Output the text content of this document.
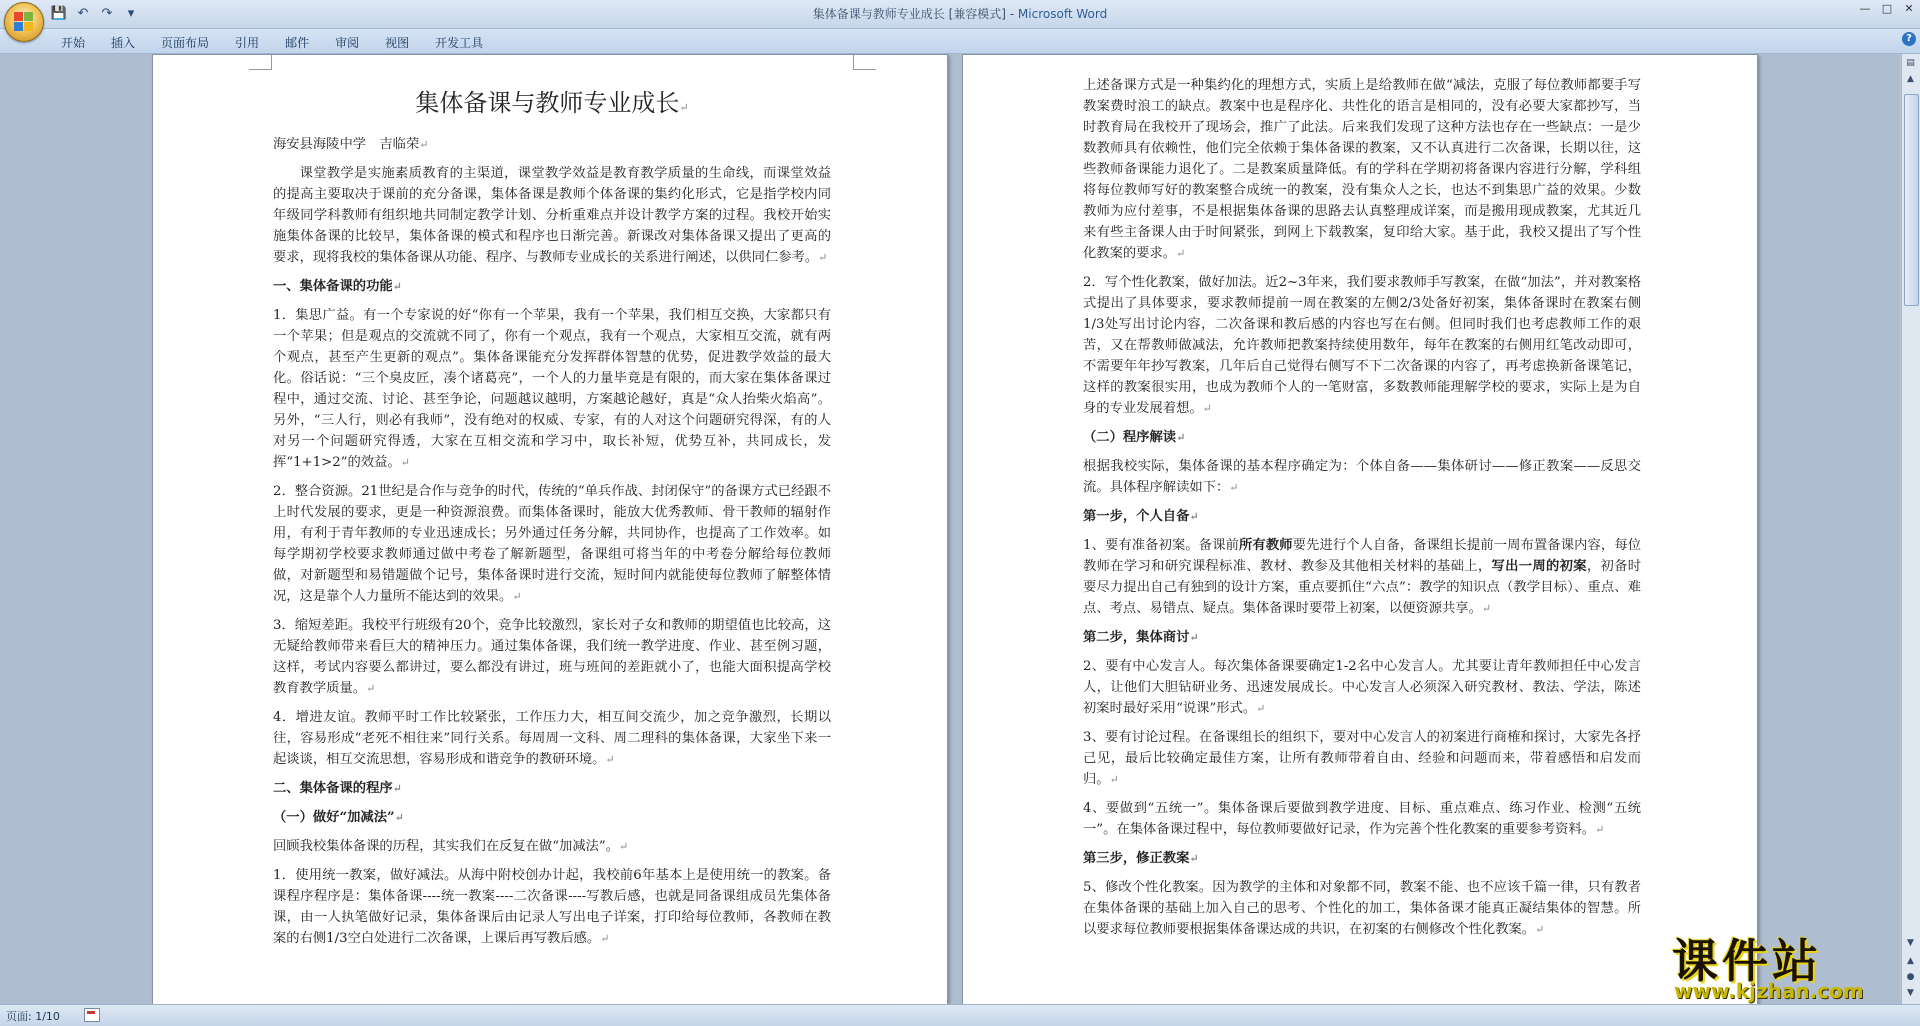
💾 ↶ ↷	▾	集体备课与教师专业成长 [兼容模式] - Microsoft Word	—	□	✕
开始	插入	页面布局	引用	邮件	审阅	视图	开发工具	?
集体备课与教师专业成长↵

海安县海陵中学　吉临荣↵

课堂教学是实施素质教育的主渠道，课堂教学效益是教育教学质量的生命线，而课堂效益的提高主要取决于课前的充分备课，集体备课是教师个体备课的集约化形式，它是指学校内同年级同学科教师有组织地共同制定教学计划、分析重难点并设计教学方案的过程。我校开始实施集体备课的比较早，集体备课的模式和程序也日渐完善。新课改对集体备课又提出了更高的要求，现将我校的集体备课从功能、程序、与教师专业成长的关系进行阐述，以供同仁参考。↵

一、集体备课的功能↵

1．集思广益。有一个专家说的好“你有一个苹果，我有一个苹果，我们相互交换，大家都只有一个苹果；但是观点的交流就不同了，你有一个观点，我有一个观点，大家相互交流，就有两个观点，甚至产生更新的观点”。集体备课能充分发挥群体智慧的优势，促进教学效益的最大化。俗话说：“三个臭皮匠，凑个诸葛亮”，一个人的力量毕竟是有限的，而大家在集体备课过程中，通过交流、讨论、甚至争论，问题越议越明，方案越论越好，真是“众人抬柴火焰高”。另外，“三人行，则必有我师”，没有绝对的权威、专家，有的人对这个问题研究得深，有的人对另一个问题研究得透，大家在互相交流和学习中，取长补短，优势互补，共同成长，发挥“1+1>2”的效益。↵

2．整合资源。21世纪是合作与竞争的时代，传统的“单兵作战、封闭保守”的备课方式已经跟不上时代发展的要求，更是一种资源浪费。而集体备课时，能放大优秀教师、骨干教师的辐射作用，有利于青年教师的专业迅速成长；另外通过任务分解，共同协作，也提高了工作效率。如每学期初学校要求教师通过做中考卷了解新题型，备课组可将当年的中考卷分解给每位教师做，对新题型和易错题做个记号，集体备课时进行交流，短时间内就能使每位教师了解整体情况，这是靠个人力量所不能达到的效果。↵

3．缩短差距。我校平行班级有20个，竞争比较激烈，家长对子女和教师的期望值也比较高，这无疑给教师带来看巨大的精神压力。通过集体备课，我们统一教学进度、作业、甚至例习题，这样，考试内容要么都讲过，要么都没有讲过，班与班间的差距就小了，也能大面积提高学校教育教学质量。↵

4．增进友谊。教师平时工作比较紧张，工作压力大，相互间交流少，加之竞争激烈，长期以往，容易形成“老死不相往来”同行关系。每周周一文科、周二理科的集体备课，大家坐下来一起谈谈，相互交流思想，容易形成和谐竞争的教研环境。↵

二、集体备课的程序↵

（一）做好“加减法”↵

回顾我校集体备课的历程，其实我们在反复在做“加减法”。↵

1．使用统一教案，做好减法。从海中附校创办计起，我校前6年基本上是使用统一的教案。备课程序程序是：集体备课----统一教案----二次备课----写教后感，也就是同备课组成员先集体备课，由一人执笔做好记录，集体备课后由记录人写出电子详案，打印给每位教师，各教师在教案的右侧1/3空白处进行二次备课，上课后再写教后感。↵

上述备课方式是一种集约化的理想方式，实质上是给教师在做“减法，克服了每位教师都要手写教案费时浪工的缺点。教案中也是程序化、共性化的语言是相同的，没有必要大家都抄写，当时教育局在我校开了现场会，推广了此法。后来我们发现了这种方法也存在一些缺点：一是少数教师具有依赖性，他们完全依赖于集体备课的教案，又不认真进行二次备课，长期以往，这些教师备课能力退化了。二是教案质量降低。有的学科在学期初将备课内容进行分解，学科组将每位教师写好的教案整合成统一的教案，没有集众人之长，也达不到集思广益的效果。少数教师为应付差事，不是根据集体备课的思路去认真整理成详案，而是搬用现成教案，尤其近几来有些主备课人由于时间紧张，到网上下载教案，复印给大家。基于此，我校又提出了写个性化教案的要求。↵

2．写个性化教案，做好加法。近2~3年来，我们要求教师手写教案，在做“加法”，并对教案格式提出了具体要求，要求教师提前一周在教案的左侧2/3处备好初案，集体备课时在教案右侧1/3处写出讨论内容，二次备课和教后感的内容也写在右侧。但同时我们也考虑教师工作的艰苦，又在帮教师做减法，允许教师把教案持续使用数年，每年在教案的右侧用红笔改动即可，不需要年年抄写教案，几年后自己觉得右侧写不下二次备课的内容了，再考虑换新备课笔记，这样的教案很实用，也成为教师个人的一笔财富，多数教师能理解学校的要求，实际上是为自身的专业发展着想。↵

（二）程序解读↵

根据我校实际，集体备课的基本程序确定为：个体自备——集体研讨——修正教案——反思交流。具体程序解读如下：↵

第一步，个人自备↵

1、要有准备初案。备课前所有教师要先进行个人自备，备课组长提前一周布置备课内容，每位教师在学习和研究课程标准、教材、教参及其他相关材料的基础上，写出一周的初案，初备时要尽力提出自己有独到的设计方案，重点要抓住“六点”：教学的知识点（教学目标）、重点、难点、考点、易错点、疑点。集体备课时要带上初案，以便资源共享。↵

第二步，集体商讨↵

2、要有中心发言人。每次集体备课要确定1-2名中心发言人。尤其要让青年教师担任中心发言人，让他们大胆钻研业务、迅速发展成长。中心发言人必须深入研究教材、教法、学法，陈述初案时最好采用“说课”形式。↵

3、要有讨论过程。在备课组长的组织下，要对中心发言人的初案进行商榷和探讨，大家先各抒己见，最后比较确定最佳方案，让所有教师带着自由、经验和问题而来，带着感悟和启发而归。↵

4、要做到“五统一”。集体备课后要做到教学进度、目标、重点难点、练习作业、检测“五统一”。在集体备课过程中，每位教师要做好记录，作为完善个性化教案的重要参考资料。↵

第三步，修正教案↵

5、修改个性化教案。因为教学的主体和对象都不同，教案不能、也不应该千篇一律，只有教者在集体备课的基础上加入自己的思考、个性化的加工，集体备课才能真正凝结集体的智慧。所以要求每位教师要根据集体备课达成的共识，在初案的右侧修改个性化教案。↵

▤
▲
▼
▲
●
▼
页面: 1/10
课件站
www.kjzhan.com
